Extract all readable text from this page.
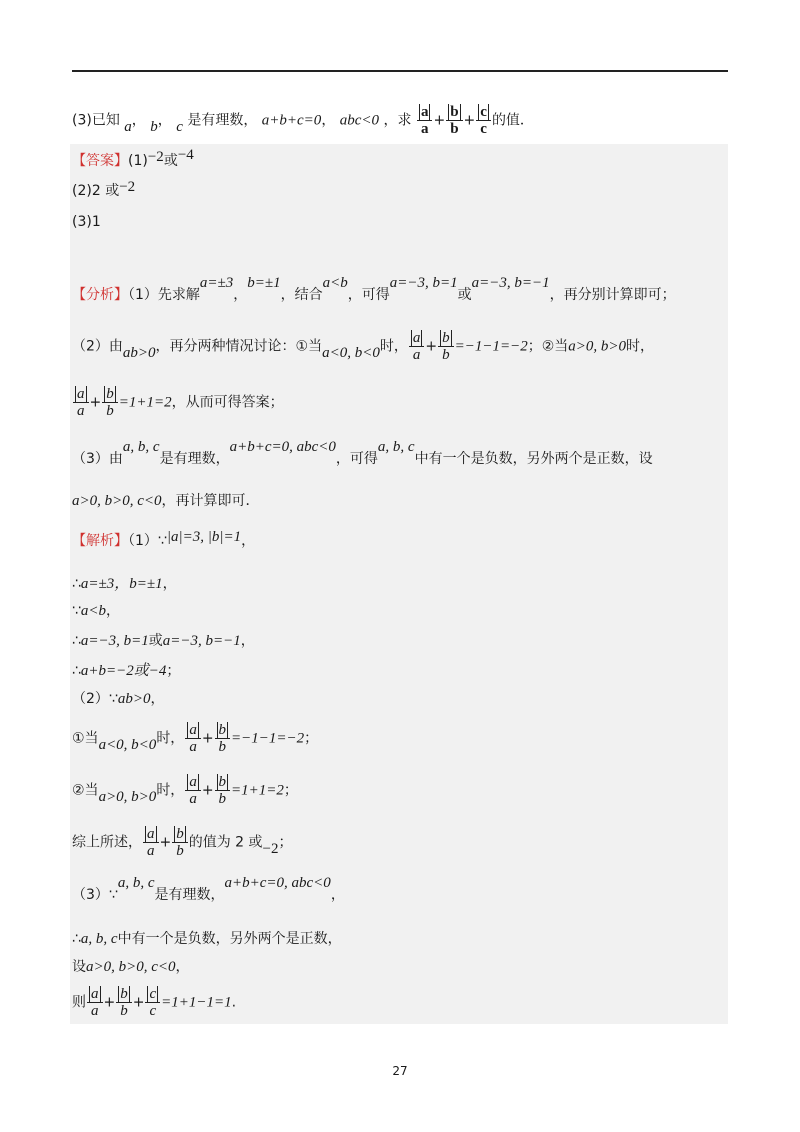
(3)已知 a， b， c 是有理数， a+b+c=0， abc<0 ，求 $\frac{a}{a} + \frac{b}{b} + \frac{c}{c}$ 的值．
【答案】(1)−2或−4
(2)2 或−2
(3)1
【分析】（1）先求解a=±3，b=±1，结合a<b，可得a=−3, b=1或a=−3, b=−1，再分别计算即可；
（2）由ab>0，再分两种情况讨论：①当a<0, b<0时， $\frac{a}{a} + \frac{b}{b} =-1-1=-2$；②当a>0, b>0时，
$\frac{a}{a} + \frac{b}{b} =1+1=2$，从而可得答案；
（3）由a, b, c是有理数，a+b+c=0, abc<0，可得a, b, c中有一个是负数，另外两个是正数，设
a>0, b>0, c<0，再计算即可．
【解析】（1）∵|a|=3, |b|=1，
∴a=±3，b=±1，
∵a<b，
∴a=−3, b=1或a=−3, b=−1，
∴a+b=−2或−4；
（2）∵ab>0，
①当a<0, b<0时， $\frac{a}{a} + \frac{b}{b} =-1-1=-2$；
②当a>0, b>0时， $\frac{a}{a} + \frac{b}{b} =1+1=2$；
综上所述， $\frac{a}{a} + \frac{b}{b}$ 的值为 2 或−2；
（3）∵a, b, c是有理数，a+b+c=0, abc<0，
∴a, b, c中有一个是负数，另外两个是正数，
设a>0, b>0, c<0，
则 $\frac{a}{a} + \frac{b}{b} + \frac{c}{c} =1+1-1=1$.
27
